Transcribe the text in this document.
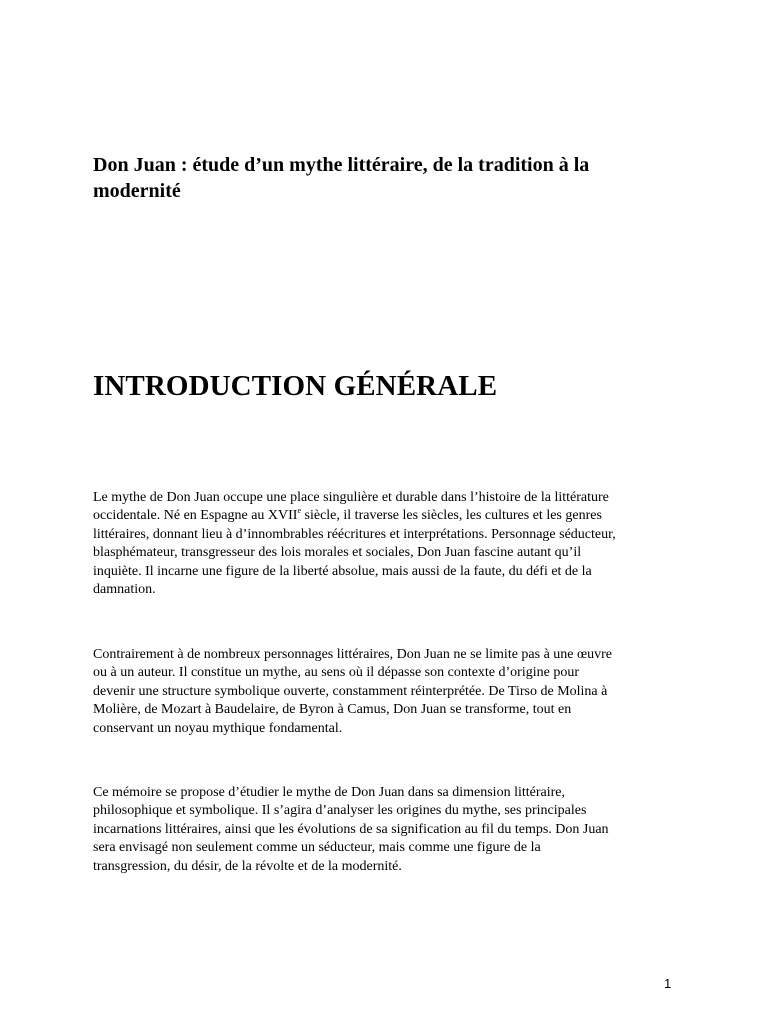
Don Juan : étude d’un mythe littéraire, de la tradition à la
modernité
INTRODUCTION GÉNÉRALE

Le mythe de Don Juan occupe une place singulière et durable dans l’histoire de la littérature
occidentale. Né en Espagne au XVIIe siècle, il traverse les siècles, les cultures et les genres
littéraires, donnant lieu à d’innombrables réécritures et interprétations. Personnage séducteur,
blasphémateur, transgresseur des lois morales et sociales, Don Juan fascine autant qu’il
inquiète. Il incarne une figure de la liberté absolue, mais aussi de la faute, du défi et de la
damnation.

Contrairement à de nombreux personnages littéraires, Don Juan ne se limite pas à une œuvre
ou à un auteur. Il constitue un mythe, au sens où il dépasse son contexte d’origine pour
devenir une structure symbolique ouverte, constamment réinterprétée. De Tirso de Molina à
Molière, de Mozart à Baudelaire, de Byron à Camus, Don Juan se transforme, tout en
conservant un noyau mythique fondamental.

Ce mémoire se propose d’étudier le mythe de Don Juan dans sa dimension littéraire,
philosophique et symbolique. Il s’agira d’analyser les origines du mythe, ses principales
incarnations littéraires, ainsi que les évolutions de sa signification au fil du temps. Don Juan
sera envisagé non seulement comme un séducteur, mais comme une figure de la
transgression, du désir, de la révolte et de la modernité.

1
